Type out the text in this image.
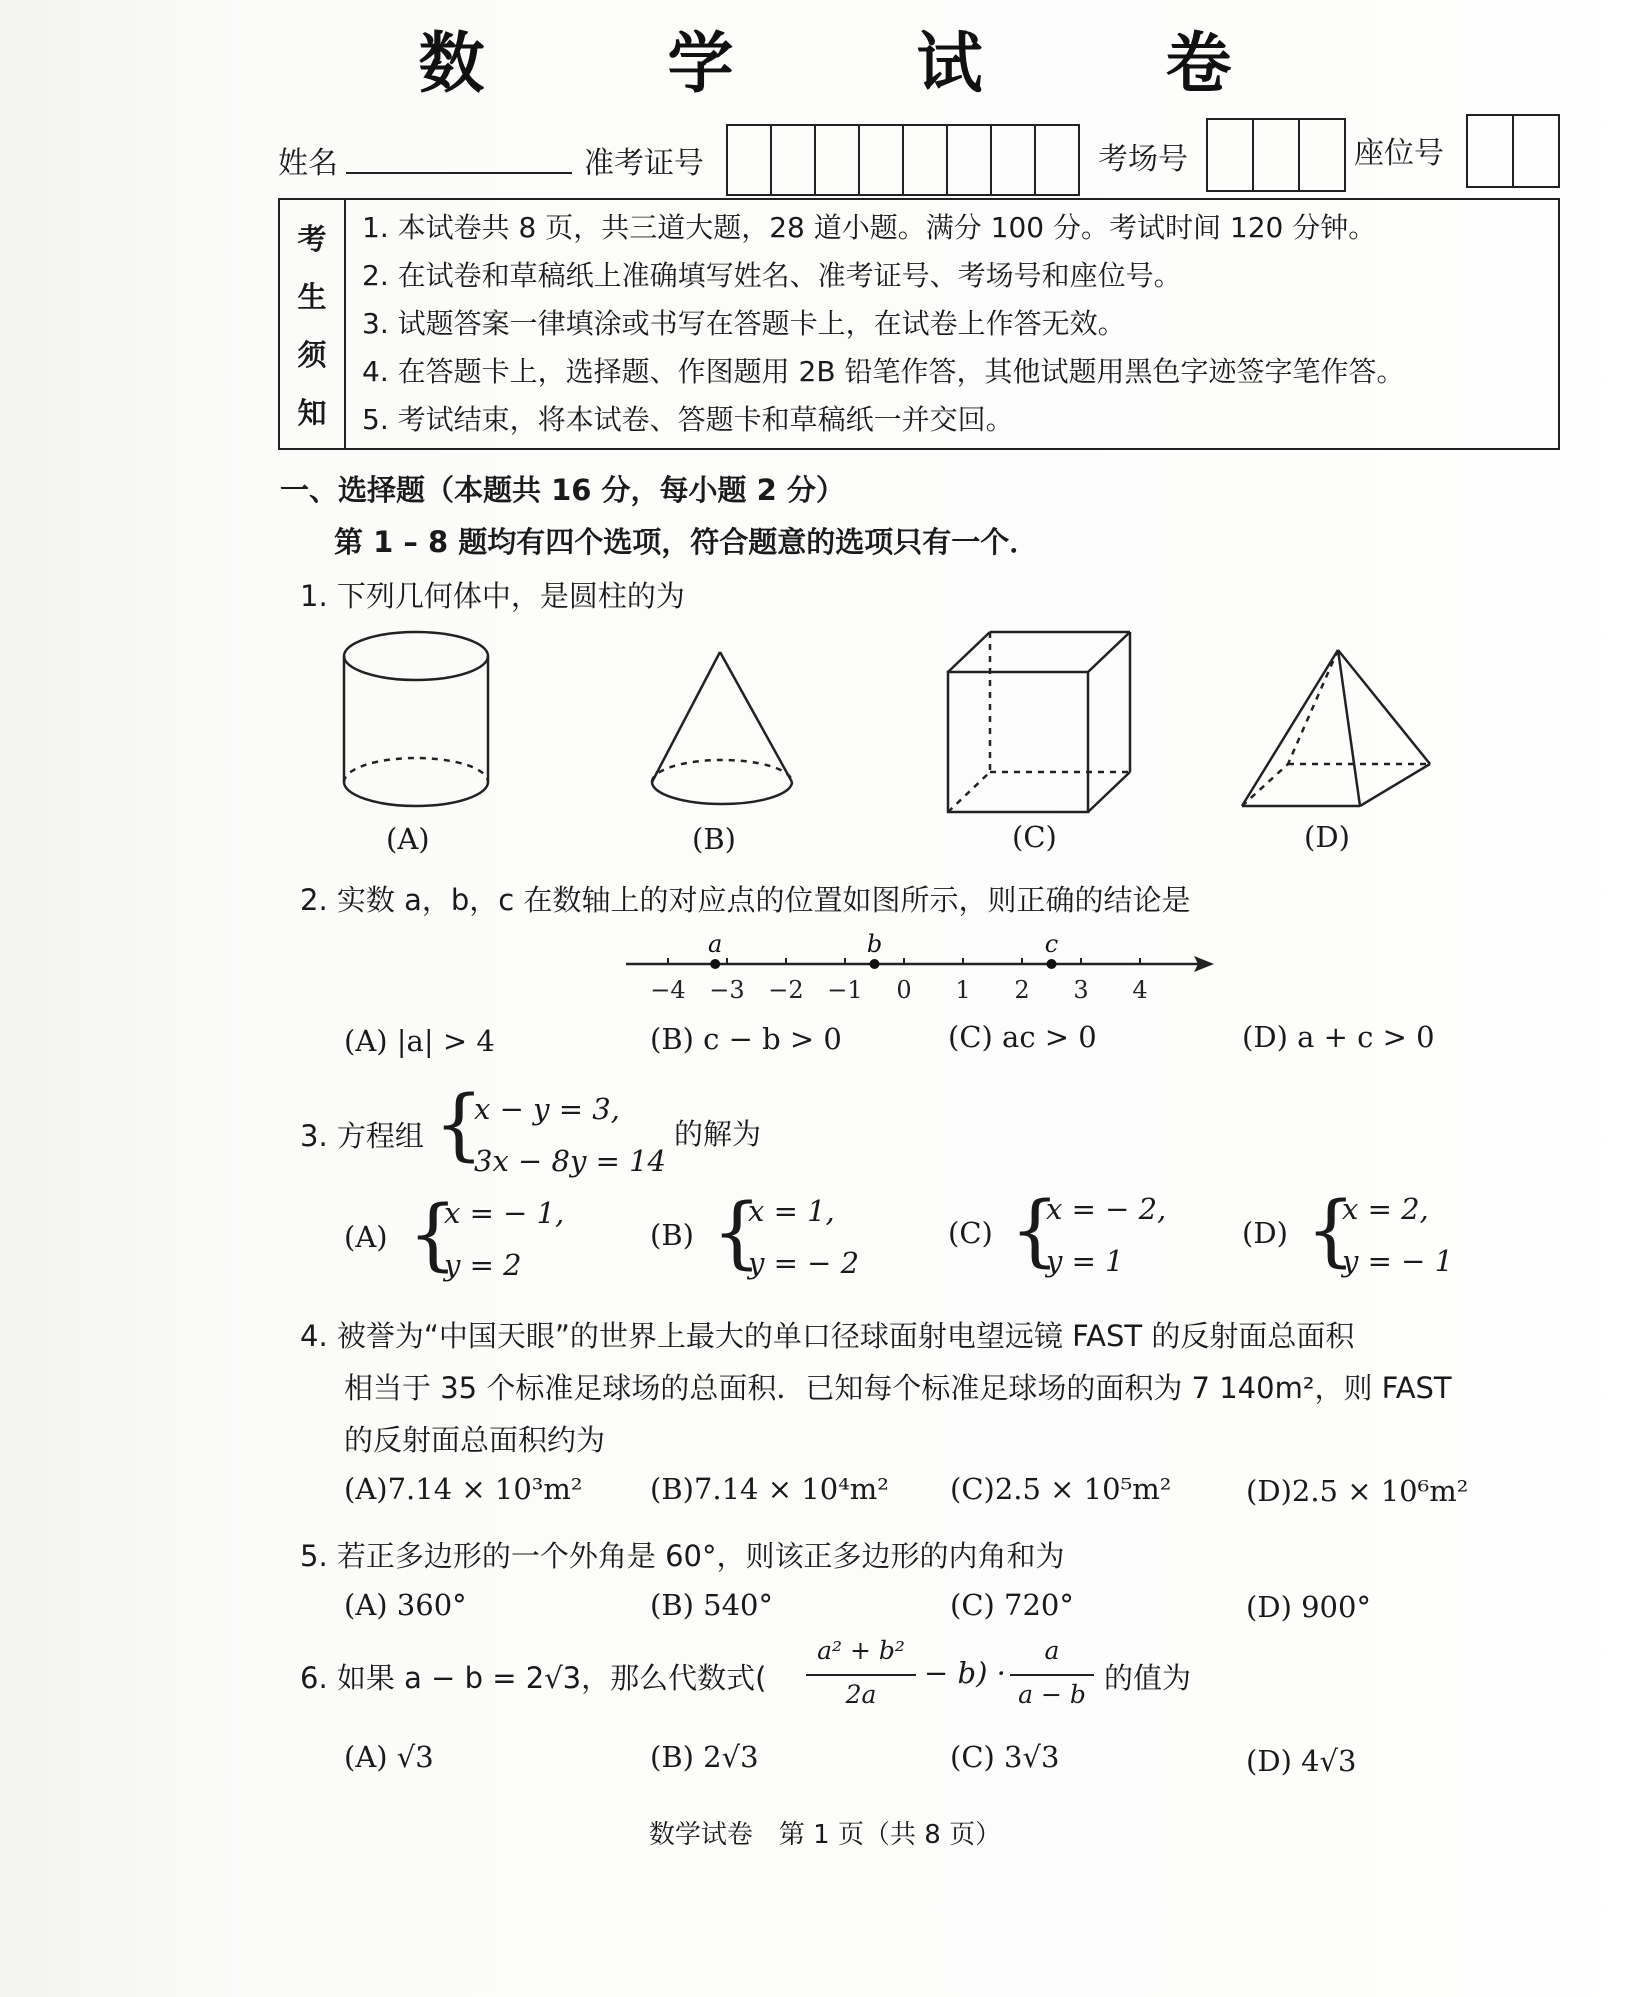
数 学 试 卷
姓名	准考证号	考场号	座位号
考
生
须
知
1. 本试卷共 8 页，共三道大题，28 道小题。满分 100 分。考试时间 120 分钟。
2. 在试卷和草稿纸上准确填写姓名、准考证号、考场号和座位号。
3. 试题答案一律填涂或书写在答题卡上，在试卷上作答无效。
4. 在答题卡上，选择题、作图题用 2B 铅笔作答，其他试题用黑色字迹签字笔作答。
5. 考试结束，将本试卷、答题卡和草稿纸一并交回。
一、选择题（本题共 16 分，每小题 2 分）
第 1 – 8 题均有四个选项，符合题意的选项只有一个．
1. 下列几何体中，是圆柱的为
(A)	(B)	(C)	(D)
2. 实数 a，b，c 在数轴上的对应点的位置如图所示，则正确的结论是
−4 −3 −2 −1 0 1 2 3 4
a	b	c
(A) |a| > 4	(B) c − b > 0	(C) ac > 0	(D) a + c > 0
3. 方程组 {
x − y = 3,
3x − 8y = 14
的解为
(A) {
x = − 1,
y = 2
(B) {
x = 1,
y = − 2
(C) {
x = − 2,
y = 1
(D) {
x = 2,
y = − 1
4. 被誉为“中国天眼”的世界上最大的单口径球面射电望远镜 FAST 的反射面总面积
相当于 35 个标准足球场的总面积．已知每个标准足球场的面积为 7 140m²，则 FAST
的反射面总面积约为
(A)7.14 × 10³m² (B)7.14 × 10⁴m² (C)2.5 × 10⁵m²	(D)2.5 × 10⁶m²
5. 若正多边形的一个外角是 60°，则该正多边形的内角和为
(A) 360°	(B) 540°	(C) 720°	(D) 900°
6. 如果 a − b = 2√3，那么代数式(
a² + b²
2a
− b) ·
a
a − b 的值为
(A) √3	(B) 2√3	(C) 3√3	(D) 4√3
数学试卷　第 1 页（共 8 页）
